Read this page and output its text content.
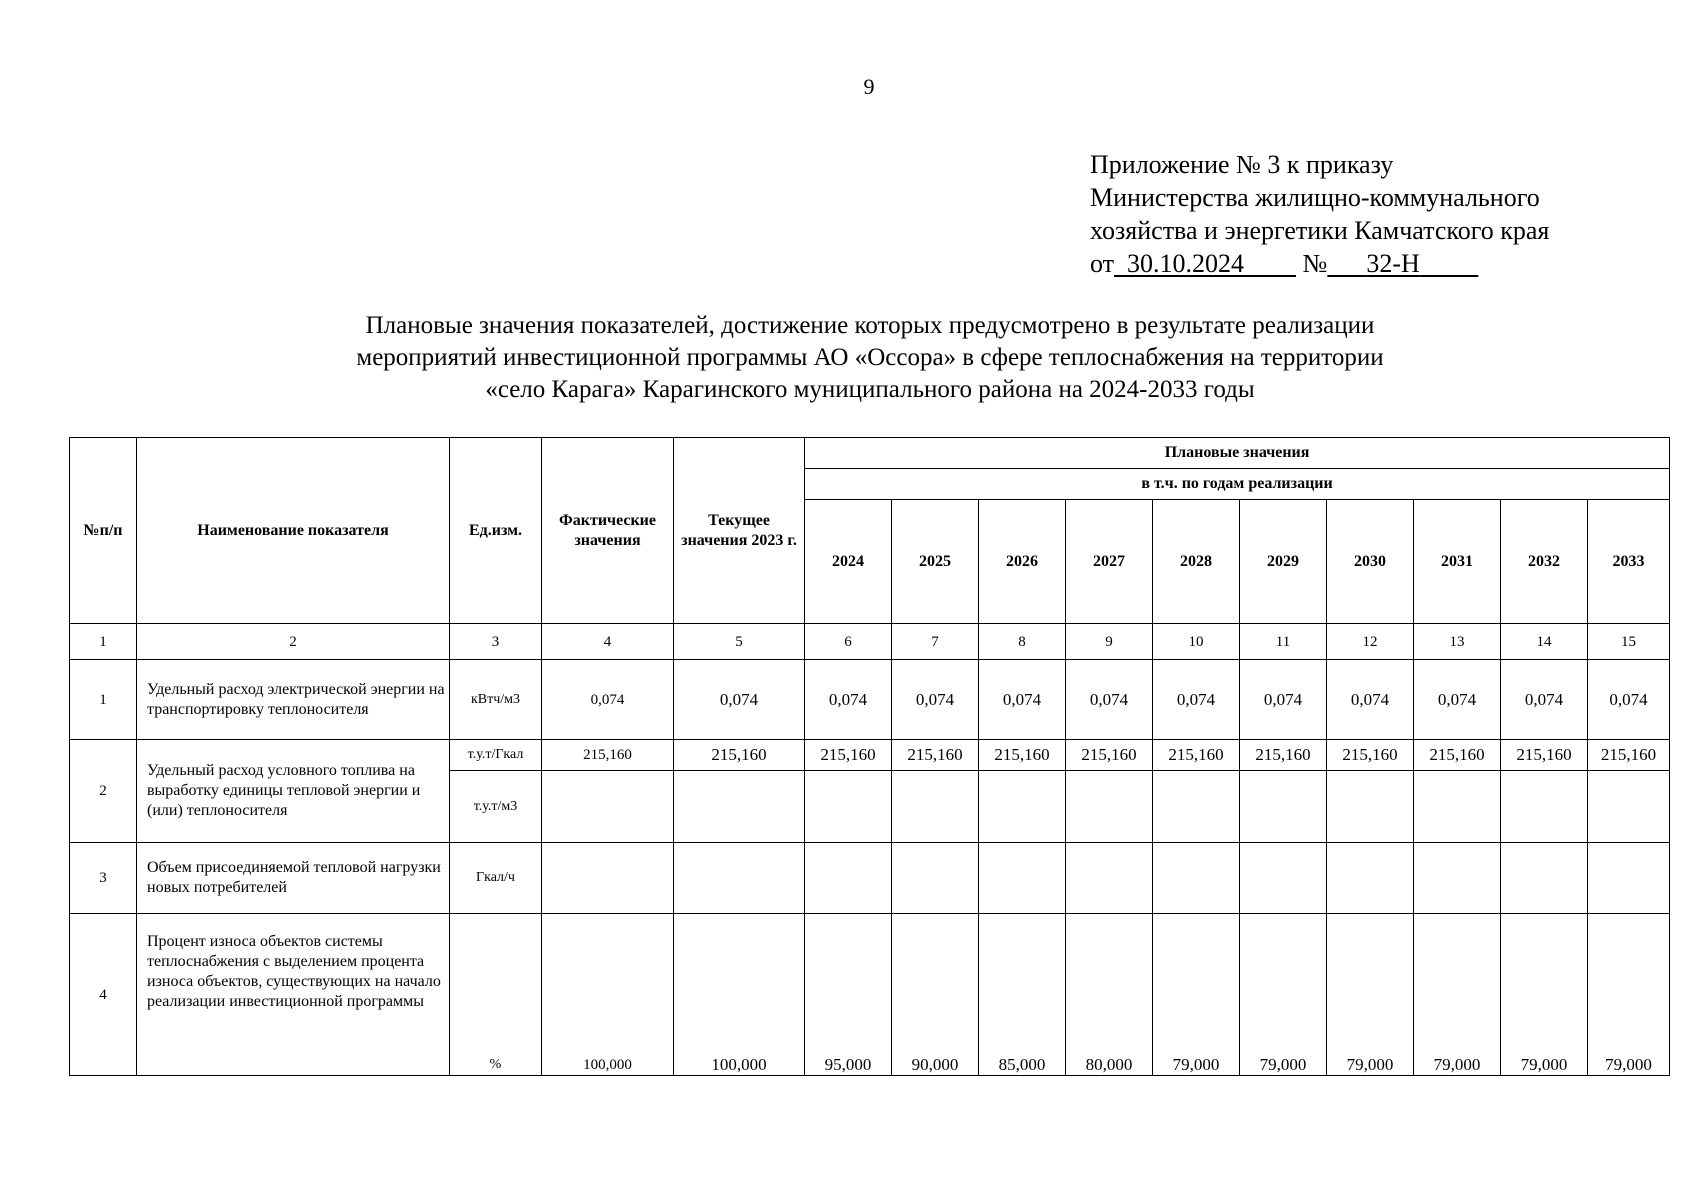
9
Приложение № 3 к приказу
Министерства жилищно-коммунального
хозяйства и энергетики Камчатского края
от 30.10.2024 № 32-Н
Плановые значения показателей, достижение которых предусмотрено в результате реализации
мероприятий инвестиционной программы АО «Оссора» в сфере теплоснабжения на территории
«село Карага» Карагинского муниципального района на 2024-2033 годы
№п/п	Наименование показателя	Ед.изм.	Фактические значения	Текущее значения 2023 г.	Плановые значения									
					в т.ч. по годам реализации									
					2024	2025	2026	2027	2028	2029	2030	2031	2032	2033
1	2	3	4	5	6	7	8	9	10	11	12	13	14	15
1	Удельный расход электрической энергии на транспортировку теплоносителя	кВтч/м3	0,074	0,074	0,074	0,074	0,074	0,074	0,074	0,074	0,074	0,074	0,074	0,074
2	Удельный расход условного топлива на выработку единицы тепловой энергии и (или) теплоносителя	т.у.т/Гкал	215,160	215,160	215,160	215,160	215,160	215,160	215,160	215,160	215,160	215,160	215,160	215,160
		т.у.т/м3												
3	Объем присоединяемой тепловой нагрузки новых потребителей	Гкал/ч												
4	Процент износа объектов системы теплоснабжения с выделением процента износа объектов, существующих на начало реализации инвестиционной программы	%	100,000	100,000	95,000	90,000	85,000	80,000	79,000	79,000	79,000	79,000	79,000	79,000
